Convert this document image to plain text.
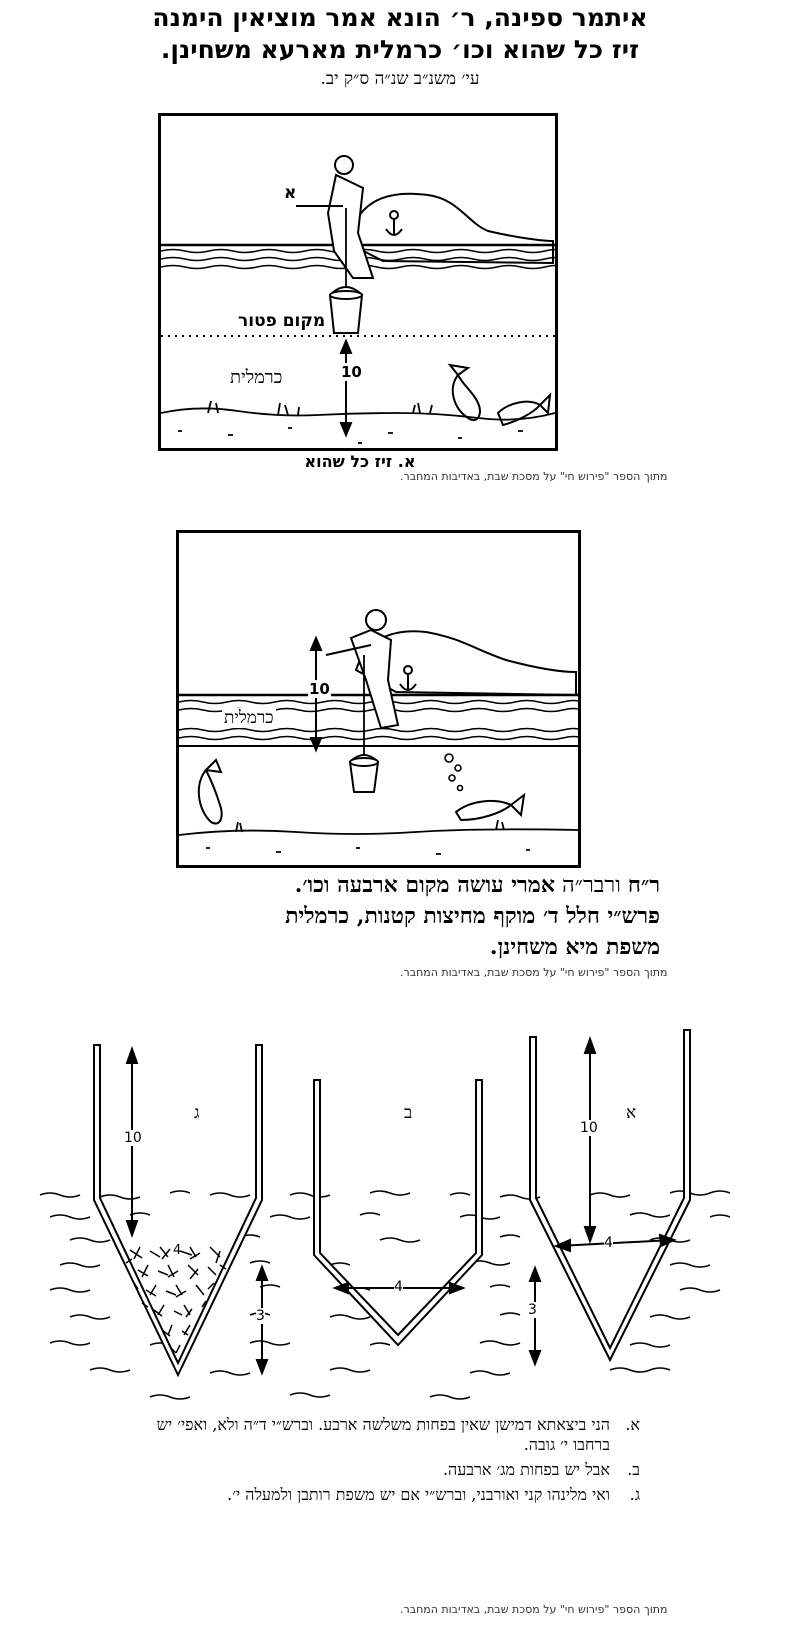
איתמר ספינה, ר׳ הונא אמר מוציאין הימנה
זיז כל שהוא וכו׳ כרמלית מארעא משחינן.
עי׳ משנ״ב שנ״ה ס״ק יב.
א
מקום פטור
כרמלית	10
א. זיז כל שהוא
מתוך הספר "פירוש חי" על מסכת שבת, באדיבות המחבר.
10
כרמלית
ר״ח ורבר״ה אמרי עושה מקום ארבעה וכו׳.
פרש״י חלל ד׳ מוקף מחיצות קטנות, כרמלית
משפת מיא משחינן.
מתוך הספר "פירוש חי" על מסכת שבת, באדיבות המחבר.
ג	ב	א
10
4
3
4
10
4
3
א.
הני ביצאתא דמישן שאין בפחות משלשה ארבע. וברש״י ד״ה ולא, ואפי׳ יש ברחבו י׳ גובה.
ב.
אבל יש בפחות מג׳ ארבעה.
ג.
ואי מלינהו קני ואורבני, וברש״י אם יש משפת רותבן ולמעלה י׳.
מתוך הספר "פירוש חי" על מסכת שבת, באדיבות המחבר.
